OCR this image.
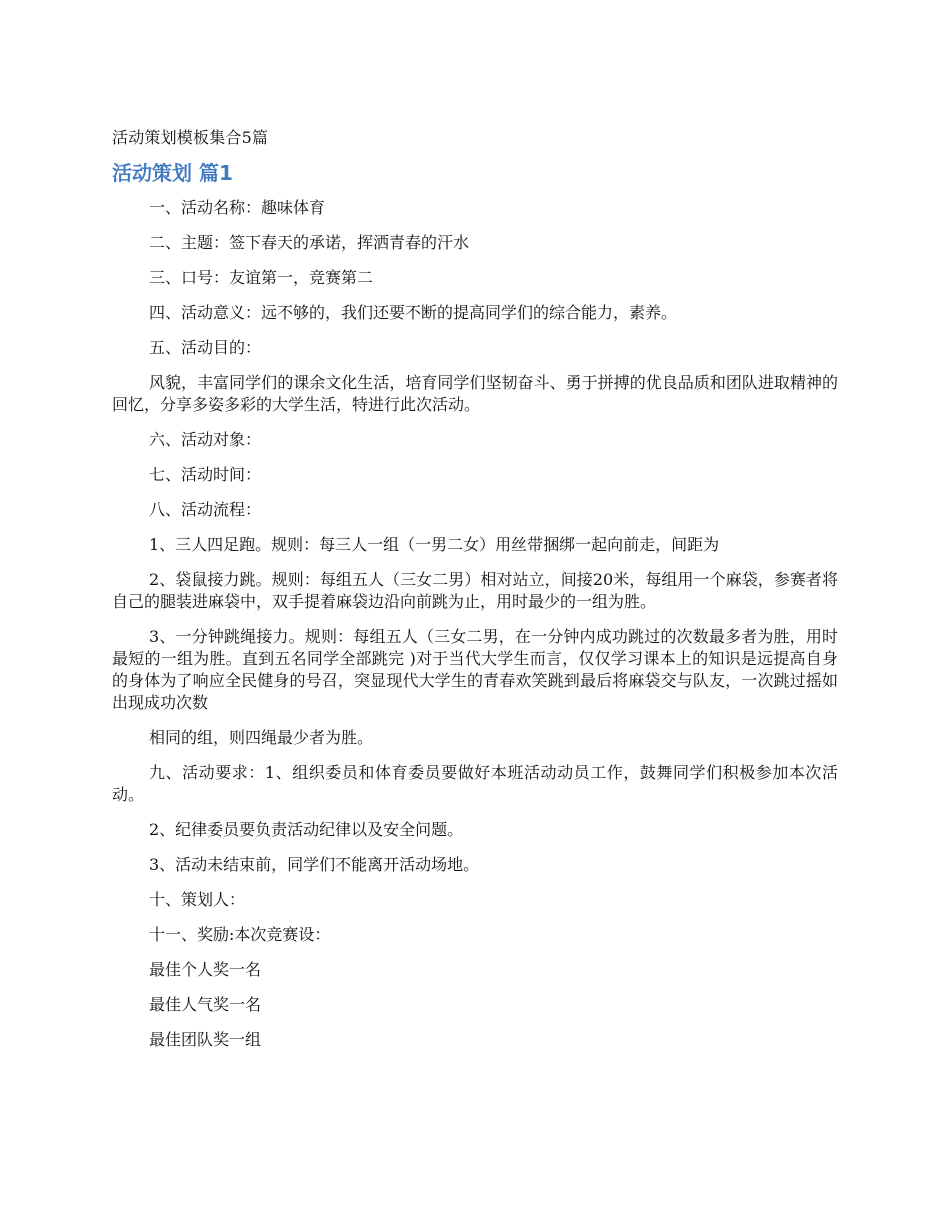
活动策划模板集合5篇
活动策划 篇1

一、活动名称：趣味体育

二、主题：签下春天的承诺，挥洒青春的汗水

三、口号：友谊第一，竞赛第二

四、活动意义：远不够的，我们还要不断的提高同学们的综合能力，素养。

五、活动目的：

风貌，丰富同学们的课余文化生活，培育同学们坚韧奋斗、勇于拼搏的优良品质和团队进取精神的回忆，分享多姿多彩的大学生活，特进行此次活动。

六、活动对象：

七、活动时间：

八、活动流程：

1、三人四足跑。规则：每三人一组（一男二女）用丝带捆绑一起向前走，间距为

2、袋鼠接力跳。规则：每组五人（三女二男）相对站立，间接20米，每组用一个麻袋，参赛者将自己的腿装进麻袋中，双手提着麻袋边沿向前跳为止，用时最少的一组为胜。

3、一分钟跳绳接力。规则：每组五人（三女二男，在一分钟内成功跳过的次数最多者为胜，用时最短的一组为胜。直到五名同学全部跳完 )对于当代大学生而言，仅仅学习课本上的知识是远提高自身的身体为了响应全民健身的号召，突显现代大学生的青春欢笑跳到最后将麻袋交与队友，一次跳过摇如出现成功次数

相同的组，则四绳最少者为胜。

九、活动要求：1、组织委员和体育委员要做好本班活动动员工作，鼓舞同学们积极参加本次活动。

2、纪律委员要负责活动纪律以及安全问题。

3、活动未结束前，同学们不能离开活动场地。

十、策划人：

十一、奖励:本次竞赛设：

最佳个人奖一名

最佳人气奖一名

最佳团队奖一组
